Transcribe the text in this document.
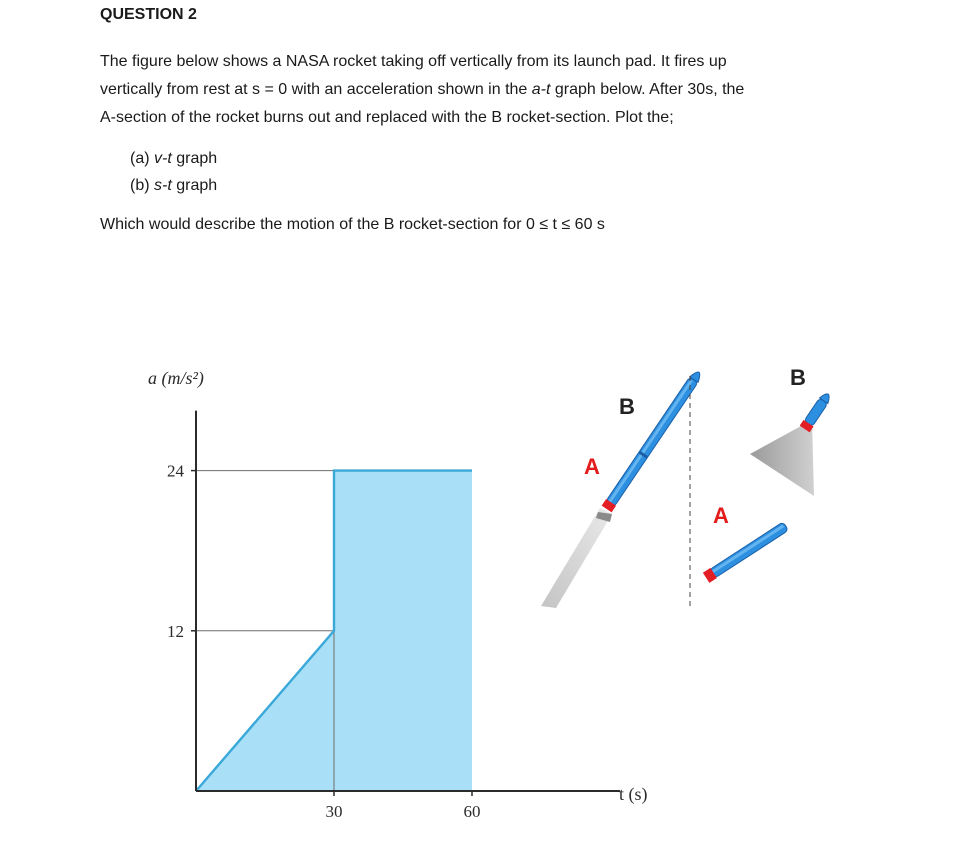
QUESTION 2

The figure below shows a NASA rocket taking off vertically from its launch pad. It fires up
vertically from rest at s = 0 with an acceleration shown in the a-t graph below. After 30s, the
A-section of the rocket burns out and replaced with the B rocket-section. Plot the;

(a) v-t graph
(b) s-t graph
Which would describe the motion of the B rocket-section for 0 ≤ t ≤ 60 s
24
12
30	60
a (m/s²)
t (s)
A
B
A
B
